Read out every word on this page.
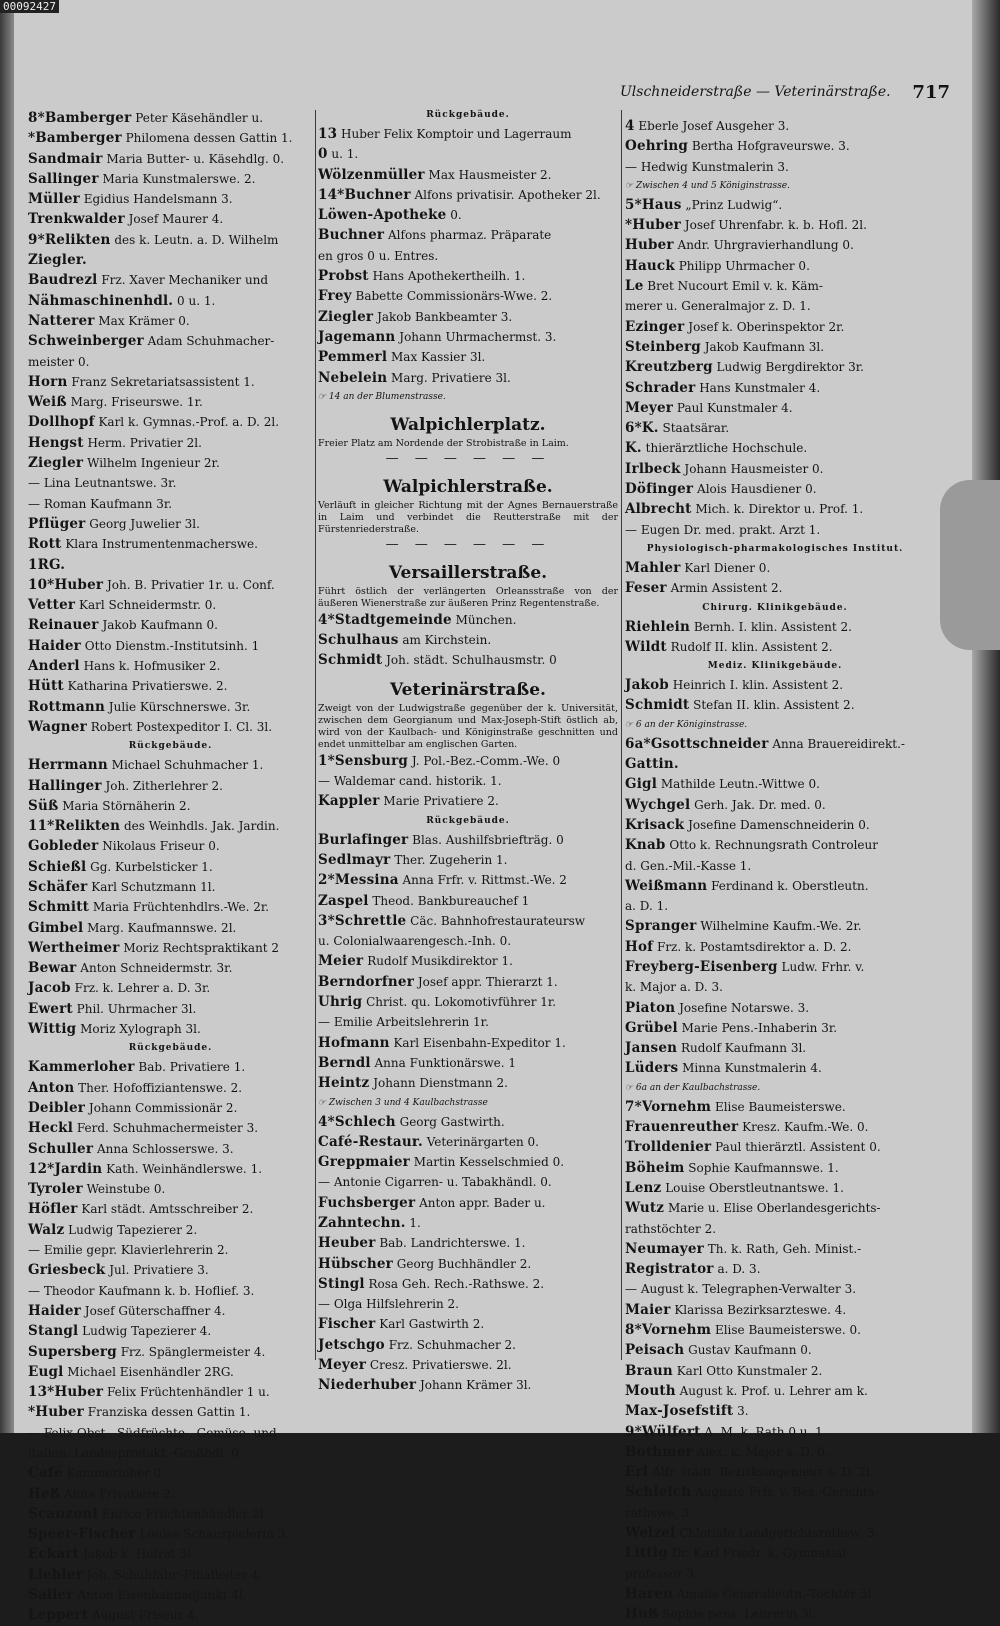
00092427
Ulschneiderstraße — Veterinärstraße. 717
8*Bamberger Peter Käsehändler u.
*Bamberger Philomena dessen Gattin 1.
Sandmair Maria Butter- u. Käsehdlg. 0.
Sallinger Maria Kunstmalerswe. 2.
Müller Egidius Handelsmann 3.
Trenkwalder Josef Maurer 4.
9*Relikten des k. Leutn. a. D. Wilhelm
Ziegler.
Baudrezl Frz. Xaver Mechaniker und
Nähmaschinenhdl. 0 u. 1.
Natterer Max Krämer 0.
Schweinberger Adam Schuhmacher-
meister 0.
Horn Franz Sekretariatsassistent 1.
Weiß Marg. Friseurswe. 1r.
Dollhopf Karl k. Gymnas.-Prof. a. D. 2l.
Hengst Herm. Privatier 2l.
Ziegler Wilhelm Ingenieur 2r.
— Lina Leutnantswe. 3r.
— Roman Kaufmann 3r.
Pflüger Georg Juwelier 3l.
Rott Klara Instrumentenmacherswe.
1RG.
10*Huber Joh. B. Privatier 1r. u. Conf.
Vetter Karl Schneidermstr. 0.
Reinauer Jakob Kaufmann 0.
Haider Otto Dienstm.-Institutsinh. 1
Anderl Hans k. Hofmusiker 2.
Hütt Katharina Privatierswe. 2.
Rottmann Julie Kürschnerswe. 3r.
Wagner Robert Postexpeditor I. Cl. 3l.
Rückgebäude.
Herrmann Michael Schuhmacher 1.
Hallinger Joh. Zitherlehrer 2.
Süß Maria Störnäherin 2.
11*Relikten des Weinhdls. Jak. Jardin.
Gobleder Nikolaus Friseur 0.
Schießl Gg. Kurbelsticker 1.
Schäfer Karl Schutzmann 1l.
Schmitt Maria Früchtenhdlrs.-We. 2r.
Gimbel Marg. Kaufmannswe. 2l.
Wertheimer Moriz Rechtspraktikant 2
Bewar Anton Schneidermstr. 3r.
Jacob Frz. k. Lehrer a. D. 3r.
Ewert Phil. Uhrmacher 3l.
Wittig Moriz Xylograph 3l.
Rückgebäude.
Kammerloher Bab. Privatiere 1.
Anton Ther. Hofoffiziantenswe. 2.
Deibler Johann Commissionär 2.
Heckl Ferd. Schuhmachermeister 3.
Schuller Anna Schlosserswe. 3.
12*Jardin Kath. Weinhändlerswe. 1.
Tyroler Weinstube 0.
Höfler Karl städt. Amtsschreiber 2.
Walz Ludwig Tapezierer 2.
— Emilie gepr. Klavierlehrerin 2.
Griesbeck Jul. Privatiere 3.
— Theodor Kaufmann k. b. Hoflief. 3.
Haider Josef Güterschaffner 4.
Stangl Ludwig Tapezierer 4.
Supersberg Frz. Spänglermeister 4.
Eugl Michael Eisenhändler 2RG.
13*Huber Felix Früchtenhändler 1 u.
*Huber Franziska dessen Gattin 1.
— Felix Obst-, Südfrüchte-, Gemüse- und
italien. Landesprodukt.-Großhdl. 0.
Café Kammerloher 0.
Heß Anna Privatiere 2.
Scanzoni Enrico Früchtenhändler 2l.
Speer-Fischer Louise Schauspielerin 3.
Eckart Jakob k. Hofrat 3l.
Liebler Joh. Schuhfabr.-Filialleiter 4.
Sailer Anton Eisenbahnadjunkt 4l.
Leppert August Friseur 4.
Rückgebäude.
13 Huber Felix Komptoir und Lagerraum
0 u. 1.
Wölzenmüller Max Hausmeister 2.
14*Buchner Alfons privatisir. Apotheker 2l.
Löwen-Apotheke 0.
Buchner Alfons pharmaz. Präparate
en gros 0 u. Entres.
Probst Hans Apothekertheilh. 1.
Frey Babette Commissionärs-Wwe. 2.
Ziegler Jakob Bankbeamter 3.
Jagemann Johann Uhrmachermst. 3.
Pemmerl Max Kassier 3l.
Nebelein Marg. Privatiere 3l.
☞ 14 an der Blumenstrasse.
Walpichlerplatz.
Freier Platz am Nordende der Strobistraße in Laim.
— — — — — —
Walpichlerstraße.
Verläuft in gleicher Richtung mit der Agnes Bernauerstraße in Laim und verbindet die Reutterstraße mit der Fürstenriederstraße.
— — — — — —
Versaillerstraße.
Führt östlich der verlängerten Orleansstraße von der äußeren Wienerstraße zur äußeren Prinz Regentenstraße.
4*Stadtgemeinde München.
Schulhaus am Kirchstein.
Schmidt Joh. städt. Schulhausmstr. 0
Veterinärstraße.
Zweigt von der Ludwigstraße gegenüber der k. Universität, zwischen dem Georgianum und Max-Joseph-Stift östlich ab, wird von der Kaulbach- und Königinstraße geschnitten und endet unmittelbar am englischen Garten.
1*Sensburg J. Pol.-Bez.-Comm.-We. 0
— Waldemar cand. historik. 1.
Kappler Marie Privatiere 2.
Rückgebäude.
Burlafinger Blas. Aushilfsbriefträg. 0
Sedlmayr Ther. Zugeherin 1.
2*Messina Anna Frfr. v. Rittmst.-We. 2
Zaspel Theod. Bankbureauchef 1
3*Schrettle Cäc. Bahnhofrestaurateursw
u. Colonialwaarengesch.-Inh. 0.
Meier Rudolf Musikdirektor 1.
Berndorfner Josef appr. Thierarzt 1.
Uhrig Christ. qu. Lokomotivführer 1r.
— Emilie Arbeitslehrerin 1r.
Hofmann Karl Eisenbahn-Expeditor 1.
Berndl Anna Funktionärswe. 1
Heintz Johann Dienstmann 2.
☞ Zwischen 3 und 4 Kaulbachstrasse
4*Schlech Georg Gastwirth.
Café-Restaur. Veterinärgarten 0.
Greppmaier Martin Kesselschmied 0.
— Antonie Cigarren- u. Tabakhändl. 0.
Fuchsberger Anton appr. Bader u.
Zahntechn. 1.
Heuber Bab. Landrichterswe. 1.
Hübscher Georg Buchhändler 2.
Stingl Rosa Geh. Rech.-Rathswe. 2.
— Olga Hilfslehrerin 2.
Fischer Karl Gastwirth 2.
Jetschgo Frz. Schuhmacher 2.
Meyer Cresz. Privatierswe. 2l.
Niederhuber Johann Krämer 3l.
4 Eberle Josef Ausgeher 3.
Oehring Bertha Hofgraveurswe. 3.
— Hedwig Kunstmalerin 3.
☞ Zwischen 4 und 5 Königinstrasse.
5*Haus „Prinz Ludwig“.
*Huber Josef Uhrenfabr. k. b. Hofl. 2l.
Huber Andr. Uhrgravierhandlung 0.
Hauck Philipp Uhrmacher 0.
Le Bret Nucourt Emil v. k. Käm-
merer u. Generalmajor z. D. 1.
Ezinger Josef k. Oberinspektor 2r.
Steinberg Jakob Kaufmann 3l.
Kreutzberg Ludwig Bergdirektor 3r.
Schrader Hans Kunstmaler 4.
Meyer Paul Kunstmaler 4.
6*K. Staatsärar.
K. thierärztliche Hochschule.
Irlbeck Johann Hausmeister 0.
Döfinger Alois Hausdiener 0.
Albrecht Mich. k. Direktor u. Prof. 1.
— Eugen Dr. med. prakt. Arzt 1.
Physiologisch-pharmakologisches Institut.
Mahler Karl Diener 0.
Feser Armin Assistent 2.
Chirurg. Klinikgebäude.
Riehlein Bernh. I. klin. Assistent 2.
Wildt Rudolf II. klin. Assistent 2.
Mediz. Klinikgebäude.
Jakob Heinrich I. klin. Assistent 2.
Schmidt Stefan II. klin. Assistent 2.
☞ 6 an der Königinstrasse.
6a*Gsottschneider Anna Brauereidirekt.-
Gattin.
Gigl Mathilde Leutn.-Wittwe 0.
Wychgel Gerh. Jak. Dr. med. 0.
Krisack Josefine Damenschneiderin 0.
Knab Otto k. Rechnungsrath Controleur
d. Gen.-Mil.-Kasse 1.
Weißmann Ferdinand k. Oberstleutn.
a. D. 1.
Spranger Wilhelmine Kaufm.-We. 2r.
Hof Frz. k. Postamtsdirektor a. D. 2.
Freyberg-Eisenberg Ludw. Frhr. v.
k. Major a. D. 3.
Piaton Josefine Notarswe. 3.
Grübel Marie Pens.-Inhaberin 3r.
Jansen Rudolf Kaufmann 3l.
Lüders Minna Kunstmalerin 4.
☞ 6a an der Kaulbachstrasse.
7*Vornehm Elise Baumeisterswe.
Frauenreuther Kresz. Kaufm.-We. 0.
Trolldenier Paul thierärztl. Assistent 0.
Böheim Sophie Kaufmannswe. 1.
Lenz Louise Oberstleutnantswe. 1.
Wutz Marie u. Elise Oberlandesgerichts-
rathstöchter 2.
Neumayer Th. k. Rath, Geh. Minist.-
Registrator a. D. 3.
— August k. Telegraphen-Verwalter 3.
Maier Klarissa Bezirksarzteswe. 4.
8*Vornehm Elise Baumeisterswe. 0.
Peisach Gustav Kaufmann 0.
Braun Karl Otto Kunstmaler 2.
Mouth August k. Prof. u. Lehrer am k.
Max-Josefstift 3.
9*Wülfert A. M. k. Rath 0 u. 1.
Bothmer Alex. k. Major a. D. 0.
Erl Alfr. städt. Bezirksingenieur a. D. 2l.
Schleich Auguste Frfr. v. Bez.-Gerichts-
rathswe. 3.
Welzel Chlotilde Landgerichtsrathsw. 3.
Littig Dr. Karl Friedr. k. Gymnasial-
professor 3.
Haren Amalie Generalleutn.-Tochter 3l.
Huß Sophie pens. Lehrerin 3l.
